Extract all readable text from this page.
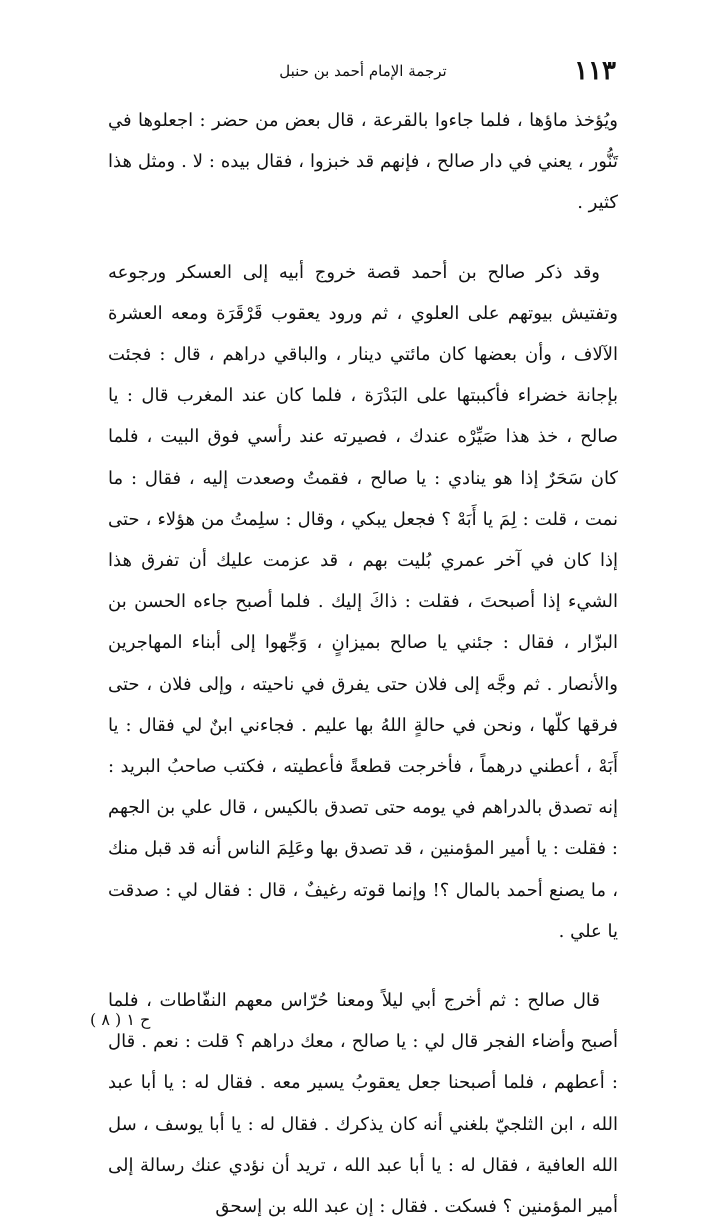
١١٣
ترجمة الإمام أحمد بن حنبل

ويُؤخذ ماؤها ، فلما جاءوا بالقرعة ، قال بعض من حضر : اجعلوها في تَنُّور ، يعني في دار صالح ، فإنهم قد خبزوا ، فقال بيده : لا . ومثل هذا كثير .

وقد ذكر صالح بن أحمد قصة خروج أبيه إلى العسكر ورجوعه وتفتيش بيوتهم على العلوي ، ثم ورود يعقوب قَرْقَرَة ومعه العشرة الآلاف ، وأن بعضها كان مائتي دينار ، والباقي دراهم ، قال : فجئت بإجانة خضراء فأكببتها على البَدْرَة ، فلما كان عند المغرب قال : يا صالح ، خذ هذا صَيِّرْه عندك ، فصيرته عند رأسي فوق البيت ، فلما كان سَحَرٌ إذا هو ينادي : يا صالح ، فقمتُ وصعدت إليه ، فقال : ما نمت ، قلت : لِمَ يا أَبَهْ ؟ فجعل يبكي ، وقال : سلِمتُ من هؤلاء ، حتى إذا كان في آخر عمري بُليت بهم ، قد عزمت عليك أن تفرق هذا الشيء إذا أصبحتَ ، فقلت : ذاكَ إليك . فلما أصبح جاءه الحسن بن البزّار ، فقال : جئني يا صالح بميزانٍ ، وَجِّهوا إلى أبناء المهاجرين والأنصار . ثم وجَّه إلى فلان حتى يفرق في ناحيته ، وإلى فلان ، حتى فرقها كلّها ، ونحن في حالةٍ اللهُ بها عليم . فجاءني ابنٌ لي فقال : يا أَبَهْ ، أعطني درهماً ، فأخرجت قطعةً فأعطيته ، فكتب صاحبُ البريد : إنه تصدق بالدراهم في يومه حتى تصدق بالكيس ، قال علي بن الجهم : فقلت : يا أمير المؤمنين ، قد تصدق بها وعَلِمَ الناس أنه قد قبل منك ، ما يصنع أحمد بالمال ؟! وإنما قوته رغيفٌ ، قال : فقال لي : صدقت يا علي .

قال صالح : ثم أخرج أبي ليلاً ومعنا حُرّاس معهم النفّاطات ، فلما أصبح وأضاء الفجر قال لي : يا صالح ، معك دراهم ؟ قلت : نعم . قال : أعطهم ، فلما أصبحنا جعل يعقوبُ يسير معه . فقال له : يا أبا عبد الله ، ابن الثلجيّ بلغني أنه كان يذكرك . فقال له : يا أبا يوسف ، سل الله العافية ، فقال له : يا أبا عبد الله ، تريد أن نؤدي عنك رسالة إلى أمير المؤمنين ؟ فسكت . فقال : إن عبد الله بن إسحق

ح ١ ( ٨ )
